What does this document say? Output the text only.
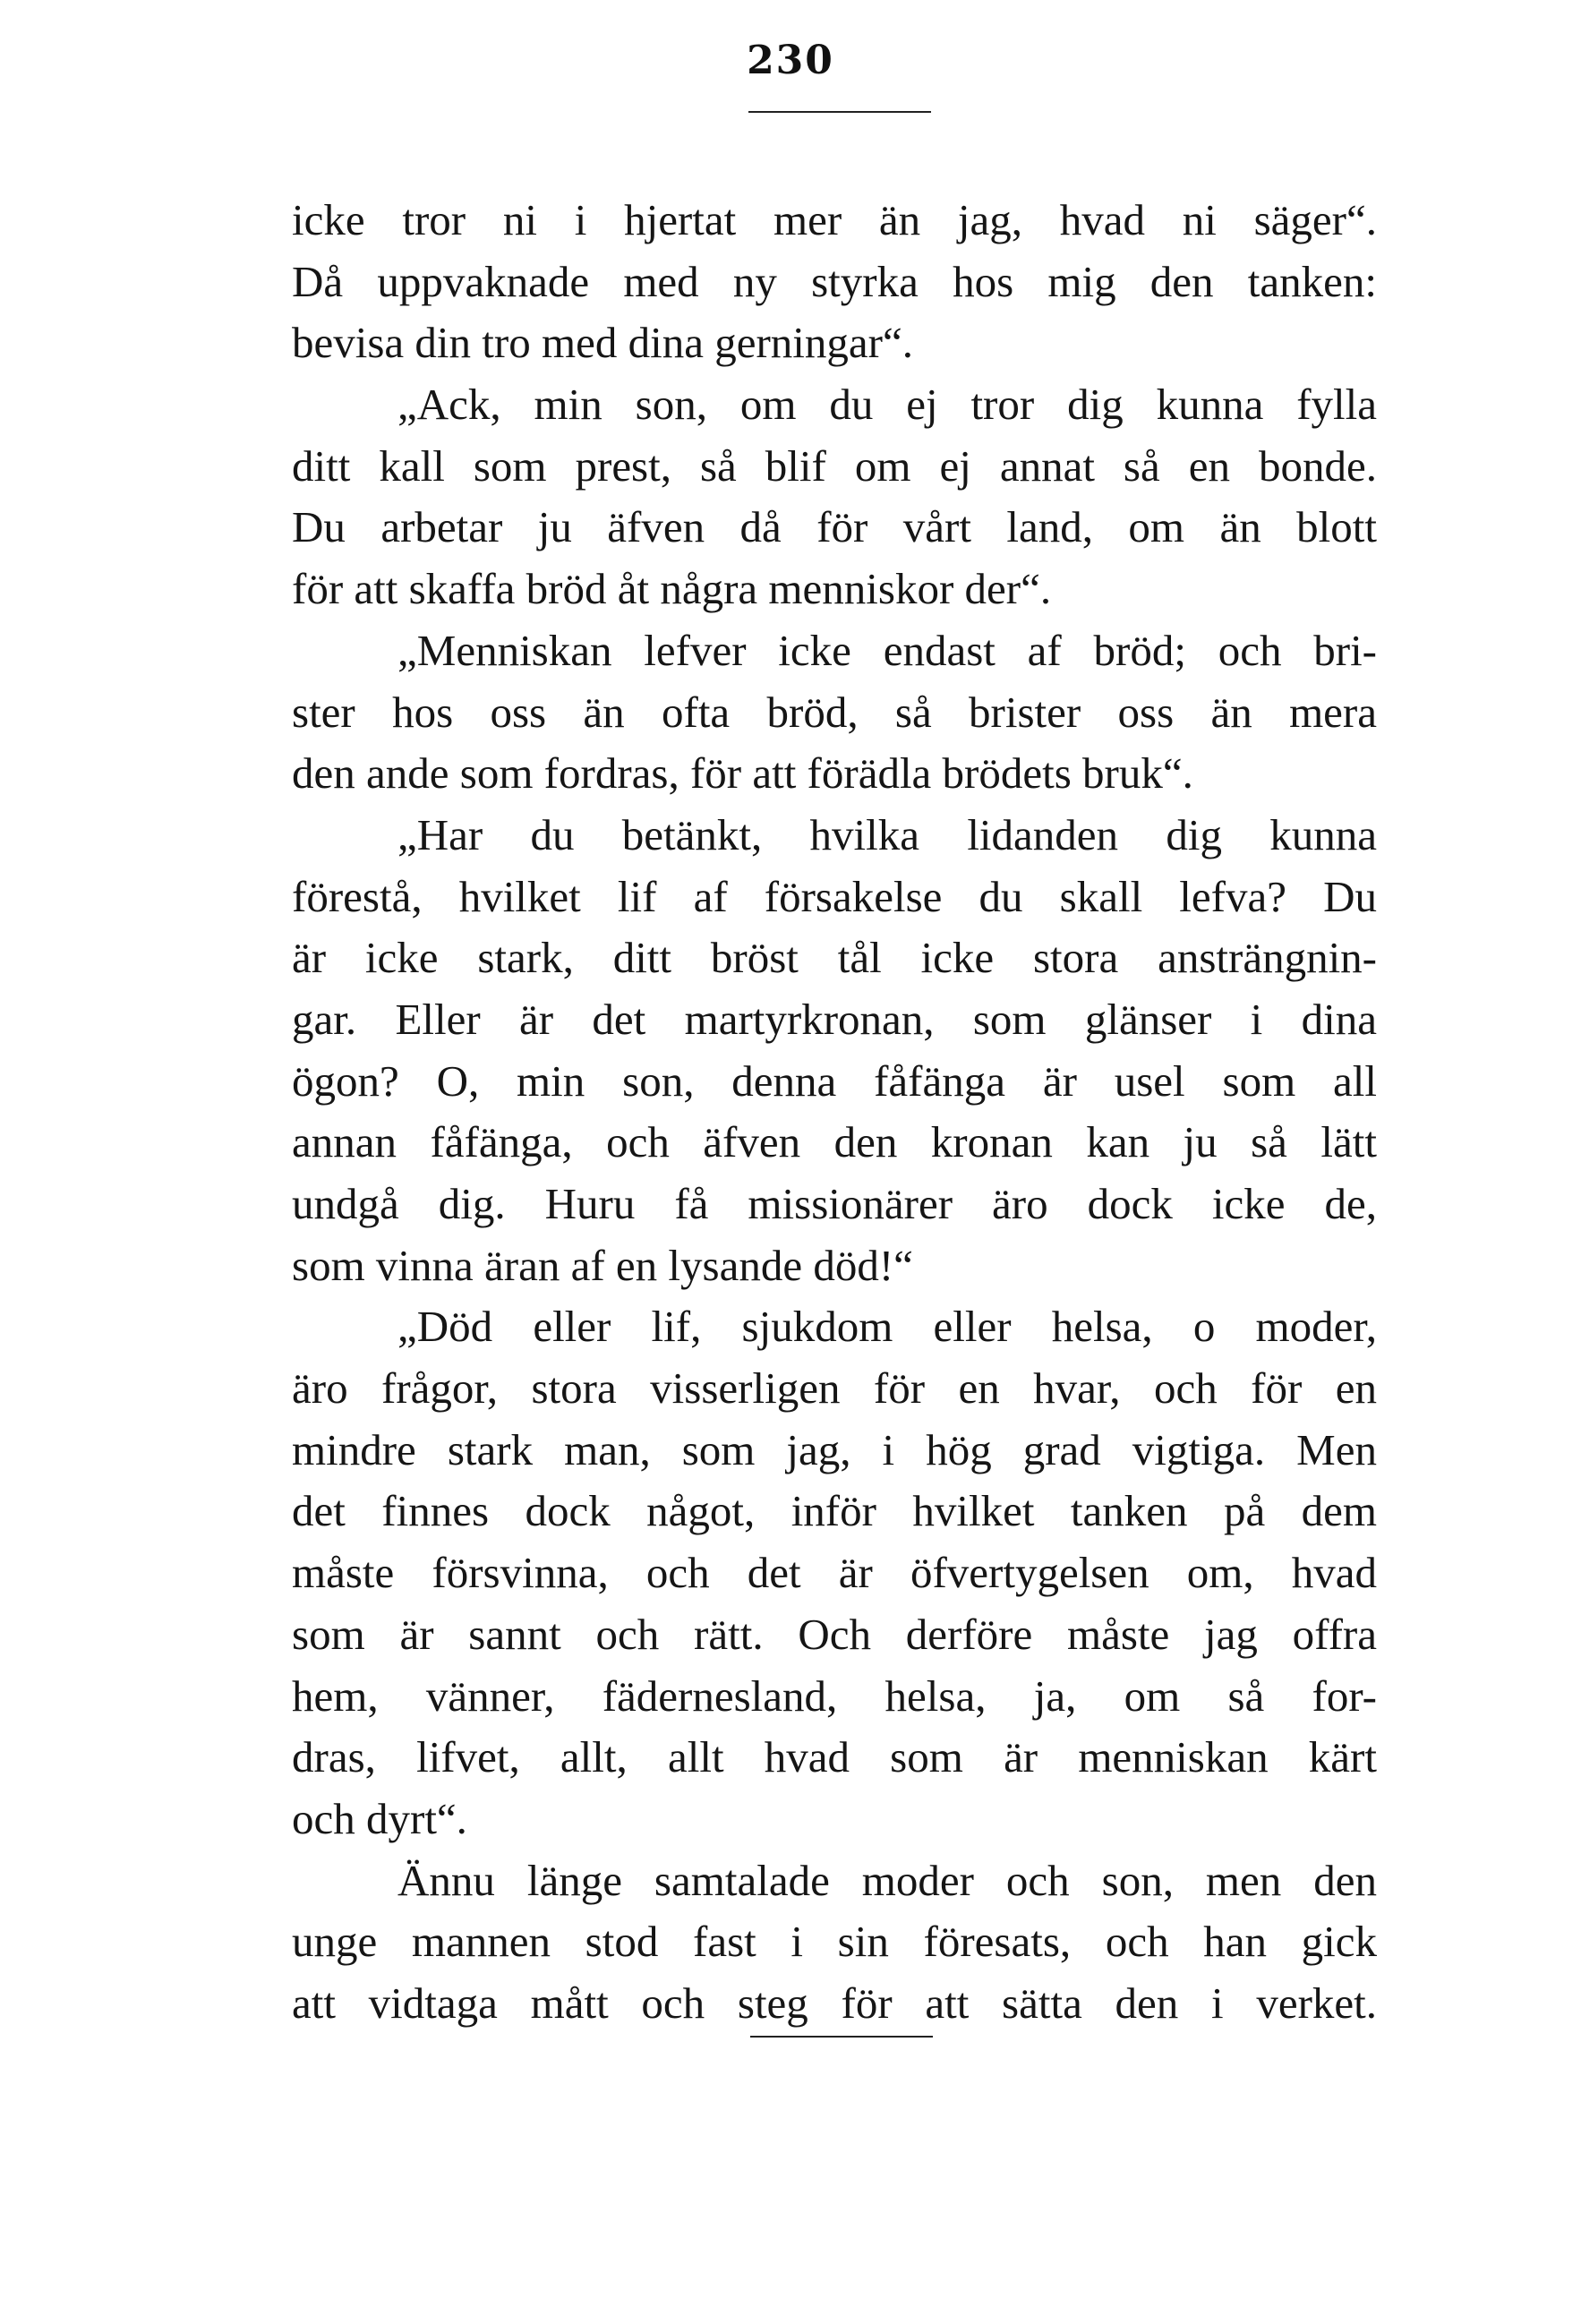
230
icke tror ni i hjertat mer än jag, hvad ni säger“.
Då uppvaknade med ny styrka hos mig den tanken:
bevisa din tro med dina gerningar“.
„Ack, min son, om du ej tror dig kunna fylla
ditt kall som prest, så blif om ej annat så en bonde.
Du arbetar ju äfven då för vårt land, om än blott
för att skaffa bröd åt några menniskor der“.
„Menniskan lefver icke endast af bröd; och bri-
ster hos oss än ofta bröd, så brister oss än mera
den ande som fordras, för att förädla brödets bruk“.
„Har du betänkt, hvilka lidanden dig kunna
förestå, hvilket lif af försakelse du skall lefva? Du
är icke stark, ditt bröst tål icke stora ansträngnin-
gar. Eller är det martyrkronan, som glänser i dina
ögon? O, min son, denna fåfänga är usel som all
annan fåfänga, och äfven den kronan kan ju så lätt
undgå dig. Huru få missionärer äro dock icke de,
som vinna äran af en lysande död!“
„Död eller lif, sjukdom eller helsa, o moder,
äro frågor, stora visserligen för en hvar, och för en
mindre stark man, som jag, i hög grad vigtiga. Men
det finnes dock något, inför hvilket tanken på dem
måste försvinna, och det är öfvertygelsen om, hvad
som är sannt och rätt. Och derföre måste jag offra
hem, vänner, fädernesland, helsa, ja, om så for-
dras, lifvet, allt, allt hvad som är menniskan kärt
och dyrt“.
Ännu länge samtalade moder och son, men den
unge mannen stod fast i sin föresats, och han gick
att vidtaga mått och steg för att sätta den i verket.
